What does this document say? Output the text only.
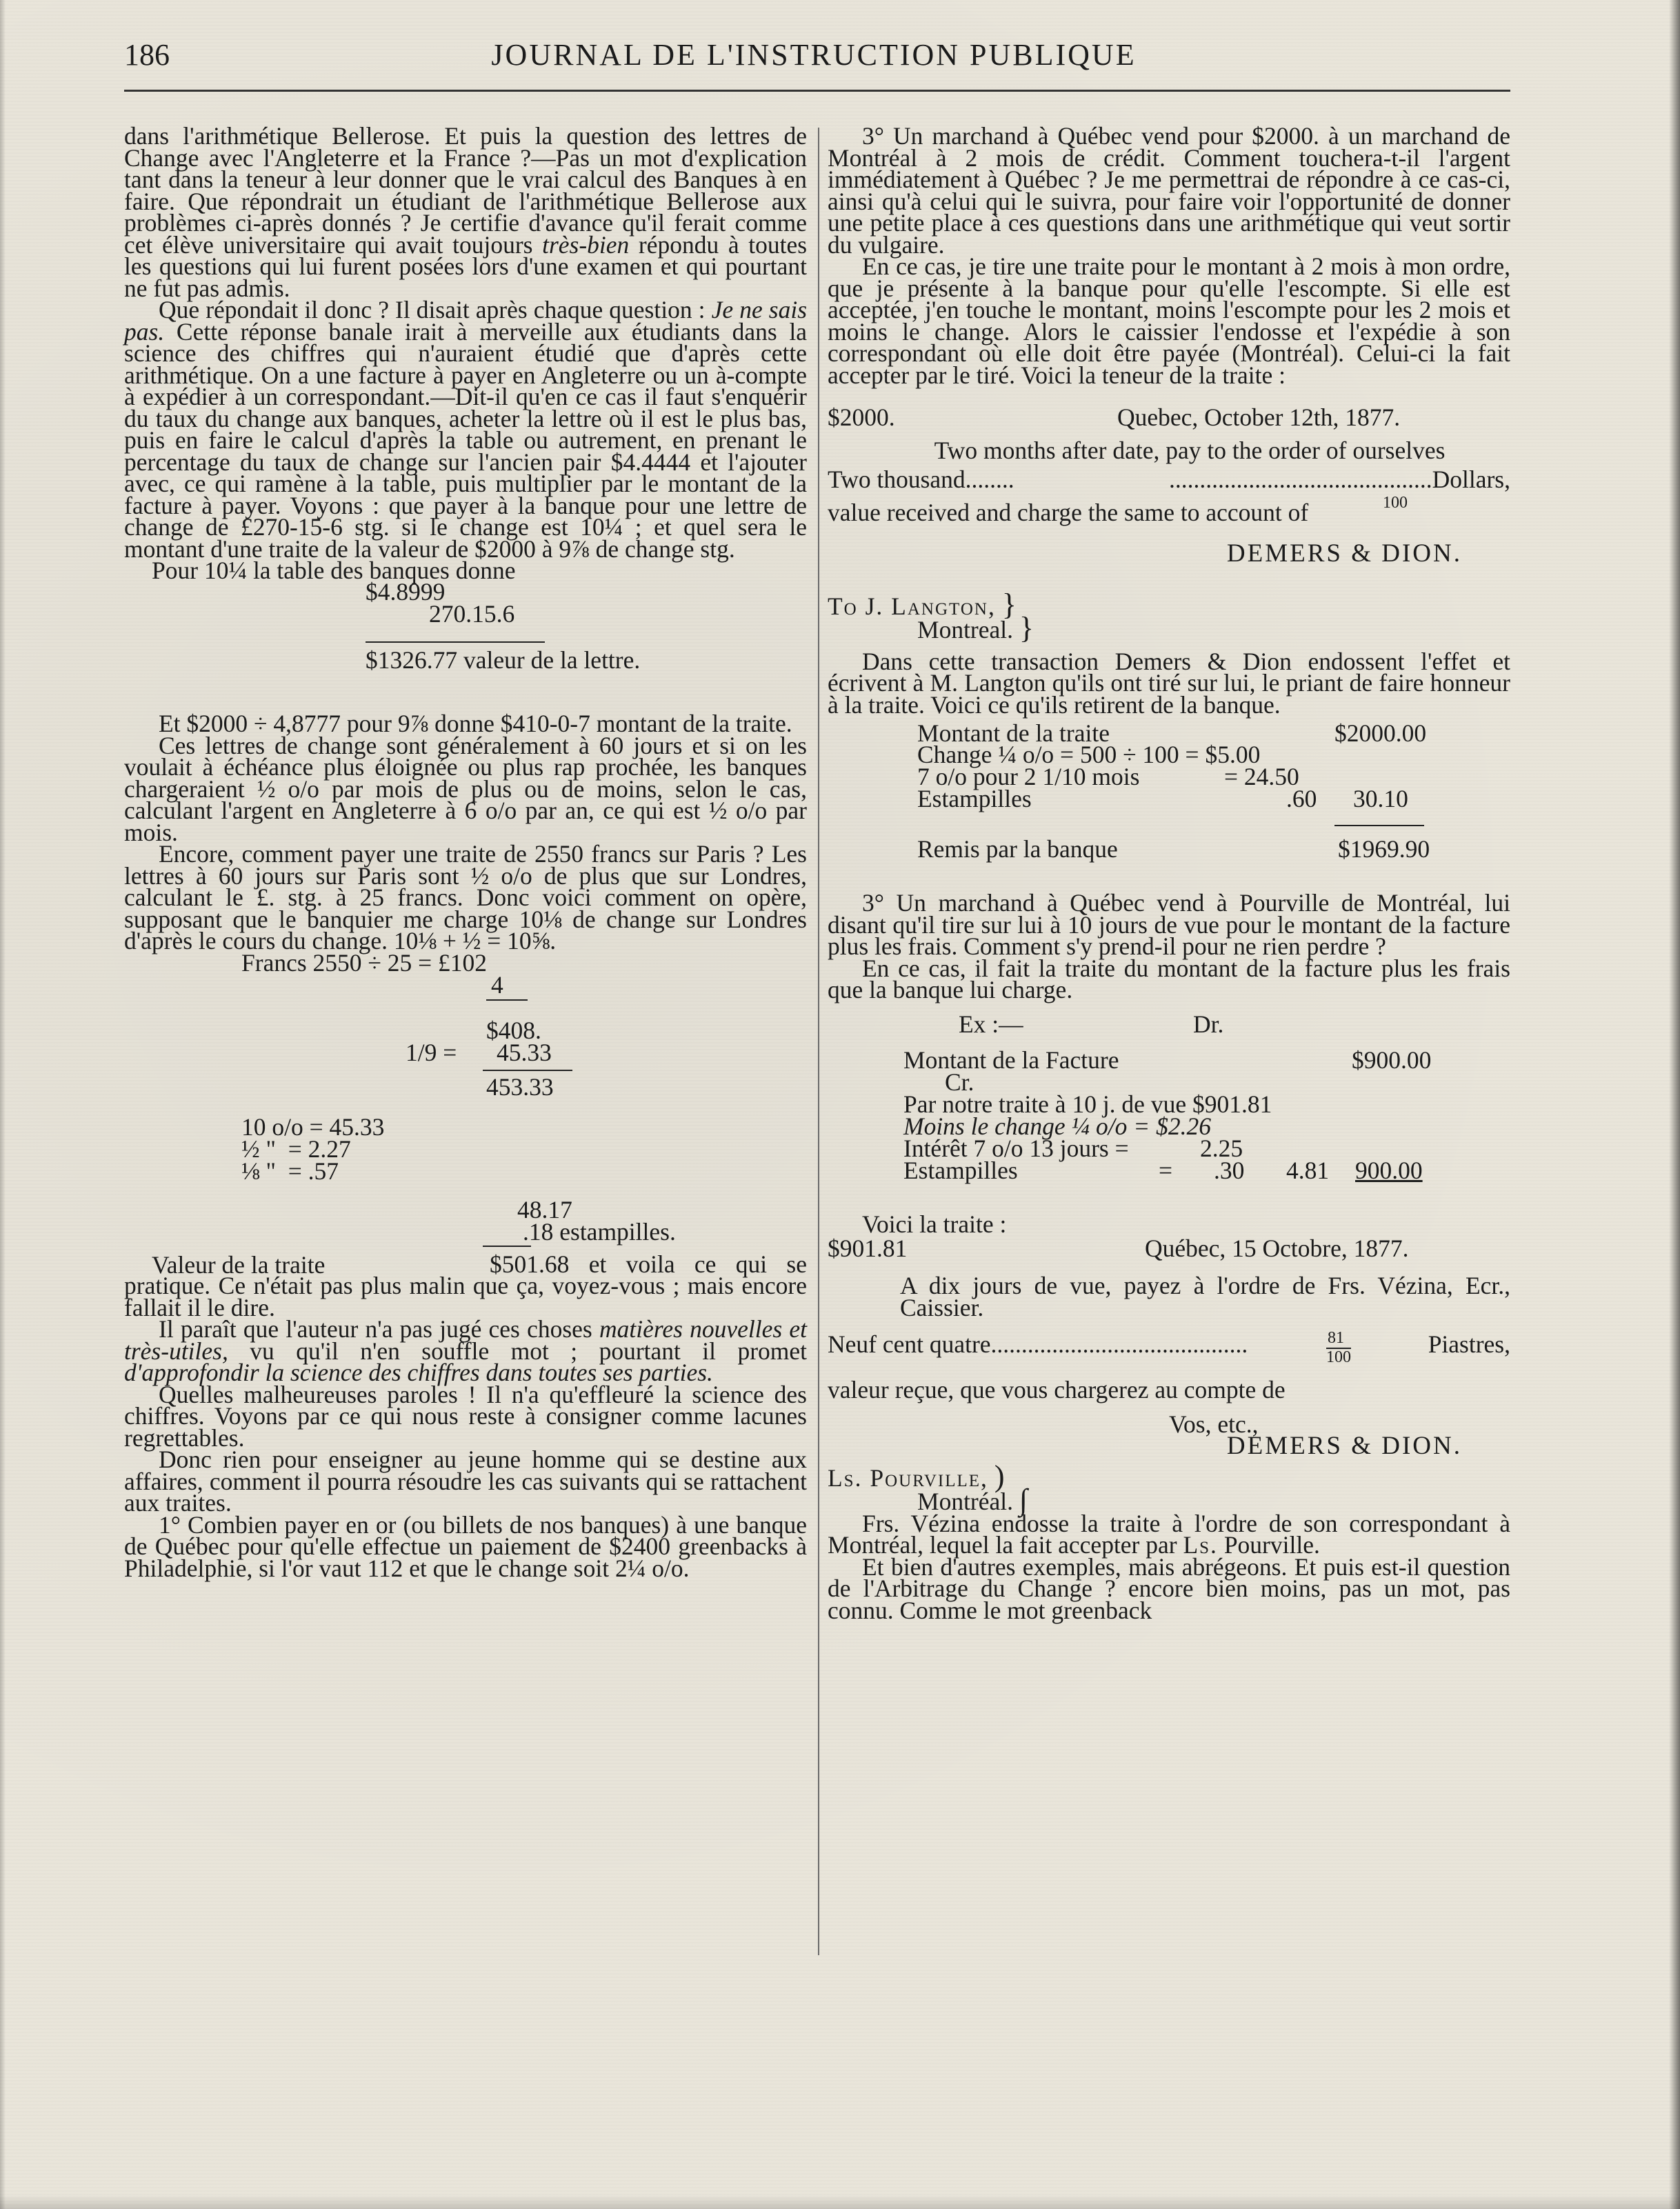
186	JOURNAL DE L'INSTRUCTION PUBLIQUE

dans l'arithmétique Bellerose. Et puis la question des lettres de Change avec l'Angleterre et la France ?—Pas un mot d'explication tant dans la teneur à leur donner que le vrai calcul des Banques à en faire. Que répondrait un étudiant de l'arithmétique Bellerose aux problèmes ci-après donnés ? Je certifie d'avance qu'il ferait comme cet élève universitaire qui avait toujours très-bien répondu à toutes les questions qui lui furent posées lors d'une examen et qui pourtant ne fut pas admis.

Que répondait il donc ? Il disait après chaque question : Je ne sais pas. Cette réponse banale irait à merveille aux étudiants dans la science des chiffres qui n'auraient étudié que d'après cette arithmétique. On a une facture à payer en Angleterre ou un à-compte à expédier à un correspondant.—Dit-il qu'en ce cas il faut s'enquérir du taux du change aux banques, acheter la lettre où il est le plus bas, puis en faire le calcul d'après la table ou autrement, en prenant le percentage du taux de change sur l'ancien pair $4.4444 et l'ajouter avec, ce qui ramène à la table, puis multiplier par le montant de la facture à payer. Voyons : que payer à la banque pour une lettre de change de £270-15-6 stg. si le change est 10¼ ; et quel sera le montant d'une traite de la valeur de $2000 à 9⅞ de change stg.

Pour 10¼ la table des banques donne
$4.8999
270.15.6
$1326.77 valeur de la lettre.

Et $2000 ÷ 4,8777 pour 9⅞ donne $410-0-7 montant de la traite.

Ces lettres de change sont généralement à 60 jours et si on les voulait à échéance plus éloignée ou plus rap prochée, les banques chargeraient ½ o/o par mois de plus ou de moins, selon le cas, calculant l'argent en Angleterre à 6 o/o par an, ce qui est ½ o/o par mois.

Encore, comment payer une traite de 2550 francs sur Paris ? Les lettres à 60 jours sur Paris sont ½ o/o de plus que sur Londres, calculant le £. stg. à 25 francs. Donc voici comment on opère, supposant que le banquier me charge 10⅛ de change sur Londres d'après le cours du change. 10⅛ + ½ = 10⅝.

Francs 2550 ÷ 25 = £102
4
$408.
1/9 = 45.33
453.33
10 o/o = 45.33
½ "  = 2.27
⅛ "  = .57
48.17
.18 estampilles.
Valeur de la traite	$501.68 et voila ce qui se pratique. Ce n'était pas plus malin que ça, voyez-vous ; mais encore fallait il le dire.

Il paraît que l'auteur n'a pas jugé ces choses matières nouvelles et très-utiles, vu qu'il n'en souffle mot ; pourtant il promet d'approfondir la science des chiffres dans toutes ses parties.

Quelles malheureuses paroles ! Il n'a qu'effleuré la science des chiffres. Voyons par ce qui nous reste à consigner comme lacunes regrettables.

Donc rien pour enseigner au jeune homme qui se destine aux affaires, comment il pourra résoudre les cas suivants qui se rattachent aux traites.

1° Combien payer en or (ou billets de nos banques) à une banque de Québec pour qu'elle effectue un paiement de $2400 greenbacks à Philadelphie, si l'or vaut 112 et que le change soit 2¼ o/o.

3° Un marchand à Québec vend pour $2000. à un marchand de Montréal à 2 mois de crédit. Comment touchera-t-il l'argent immédiatement à Québec ? Je me permettrai de répondre à ce cas-ci, ainsi qu'à celui qui le suivra, pour faire voir l'opportunité de donner une petite place à ces questions dans une arithmétique qui veut sortir du vulgaire.

En ce cas, je tire une traite pour le montant à 2 mois à mon ordre, que je présente à la banque pour qu'elle l'escompte. Si elle est acceptée, j'en touche le montant, moins l'escompte pour les 2 mois et moins le change. Alors le caissier l'endosse et l'expédie à son correspondant où elle doit être payée (Montréal). Celui-ci la fait accepter par le tiré. Voici la teneur de la traite :

$2000.	Quebec, October 12th, 1877.
Two months after date, pay to the order of ourselves
Two thousand........	...........................................Dollars,
100
value received and charge the same to account of
DEMERS & DION.
To J. Langton, }
Montreal. }

Dans cette transaction Demers & Dion endossent l'effet et écrivent à M. Langton qu'ils ont tiré sur lui, le priant de faire honneur à la traite. Voici ce qu'ils retirent de la banque.

Montant de la traite	$2000.00
Change ¼ o/o = 500 ÷ 100 = $5.00
7 o/o pour 2 1/10 mois	= 24.50
Estampilles	.60 30.10
Remis par la banque	$1969.90

3° Un marchand à Québec vend à Pourville de Montréal, lui disant qu'il tire sur lui à 10 jours de vue pour le montant de la facture plus les frais. Comment s'y prend-il pour ne rien perdre ?

En ce cas, il fait la traite du montant de la facture plus les frais que la banque lui charge.

Ex :—	Dr.
Montant de la Facture	$900.00
Cr.
Par notre traite à 10 j. de vue $901.81
Moins le change ¼ o/o = $2.26
Intérêt 7 o/o 13 jours =	2.25
Estampilles	= .30 4.81 900.00

Voici la traite :

$901.81	Québec, 15 Octobre, 1877.
A dix jours de vue, payez à l'ordre de Frs. Vézina, Ecr., Caissier.
Neuf cent quatre..........................................	81
100	Piastres,
valeur reçue, que vous chargerez au compte de
Vos, etc.,
DEMERS & DION.
Ls. Pourville, )
Montréal. ∫

Frs. Vézina endosse la traite à l'ordre de son correspondant à Montréal, lequel la fait accepter par Ls. Pourville.

Et bien d'autres exemples, mais abrégeons. Et puis est-il question de l'Arbitrage du Change ? encore bien moins, pas un mot, pas connu. Comme le mot greenback
